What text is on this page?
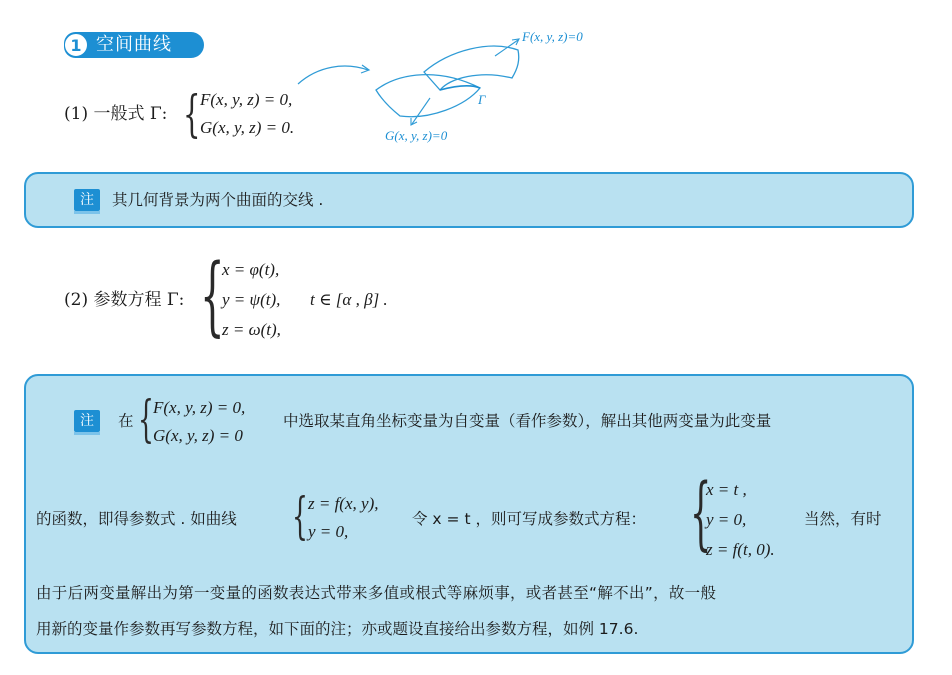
1 空间曲线
(1) 一般式 Γ: { F(x, y, z) = 0,
G(x, y, z) = 0.
F(x, y, z)=0
G(x, y, z)=0
Γ
注	其几何背景为两个曲面的交线 .
(2) 参数方程 Γ: {
x = φ(t),
y = ψ(t), t ∈ [α , β] .
z = ω(t),
注	在 { F(x, y, z) = 0,
G(x, y, z) = 0
中选取某直角坐标变量为自变量（看作参数），解出其他两变量为此变量
的函数，即得参数式 . 如曲线 { z = f(x, y),
y = 0,
令 x = t ，则可写成参数式方程： {
x = t ,
y = 0,
z = f(t, 0).
当然，有时
由于后两变量解出为第一变量的函数表达式带来多值或根式等麻烦事，或者甚至“解不出”，故一般
用新的变量作参数再写参数方程，如下面的注；亦或题设直接给出参数方程，如例 17.6.
